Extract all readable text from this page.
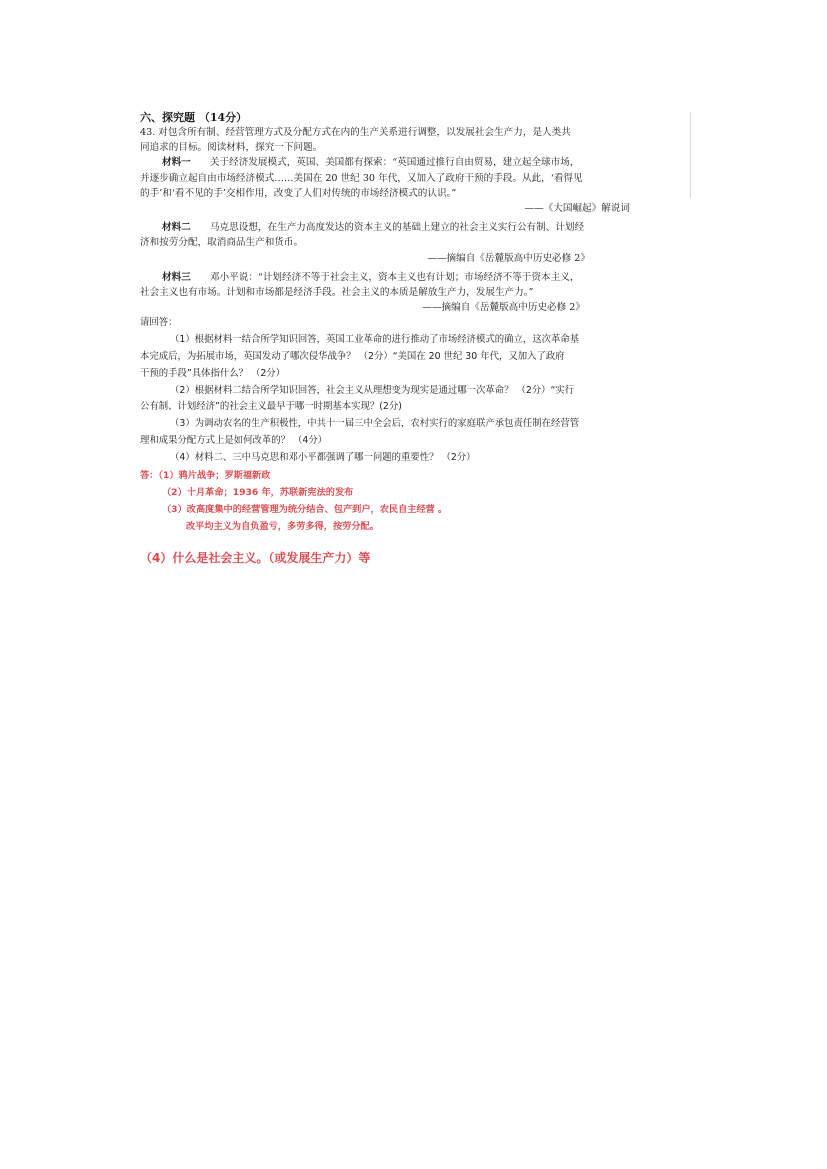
六、探究题 （14分）

43. 对包含所有制、经营管理方式及分配方式在内的生产关系进行调整，以发展社会生产力，是人类共

同追求的目标。阅读材料，探究一下问题。

材料一　　 关于经济发展模式，英国、美国都有探索：“英国通过推行自由贸易，建立起全球市场，

并逐步确立起自由市场经济模式……美国在 20 世纪 30 年代，又加入了政府干预的手段。从此，‘看得见

的手’和‘看不见的手’交相作用，改变了人们对传统的市场经济模式的认识。”

——《大国崛起》解说词

材料二　　 马克思设想，在生产力高度发达的资本主义的基础上建立的社会主义实行公有制、计划经

济和按劳分配，取消商品生产和货币。

——摘编自《岳麓版高中历史必修 2》

材料三　　 邓小平说：“计划经济不等于社会主义，资本主义也有计划；市场经济不等于资本主义，

社会主义也有市场。计划和市场都是经济手段。社会主义的本质是解放生产力，发展生产力。”

——摘编自《岳麓版高中历史必修 2》

请回答：

（1）根据材料一结合所学知识回答，英国工业革命的进行推动了市场经济模式的确立，这次革命基

本完成后，为拓展市场，英国发动了哪次侵华战争？ （2分）“美国在 20 世纪 30 年代，又加入了政府

干预的手段”具体指什么？ （2分）

（2）根据材料二结合所学知识回答，社会主义从理想变为现实是通过哪一次革命？ （2分）“实行

公有制、计划经济”的社会主义最早于哪一时期基本实现？(2分)

（3）为调动农名的生产积极性，中共十一届三中全会后，农村实行的家庭联产承包责任制在经营管

理和成果分配方式上是如何改革的？ （4分）

（4）材料二、三中马克思和邓小平都强调了哪一问题的重要性？ （2分）

答：（1）鸦片战争；罗斯福新政

（2）十月革命；1936 年，苏联新宪法的发布

（3）改高度集中的经营管理为统分结合、包产到户，农民自主经营 。

改平均主义为自负盈亏，多劳多得，按劳分配。

（4）什么是社会主义。（或发展生产力）等
